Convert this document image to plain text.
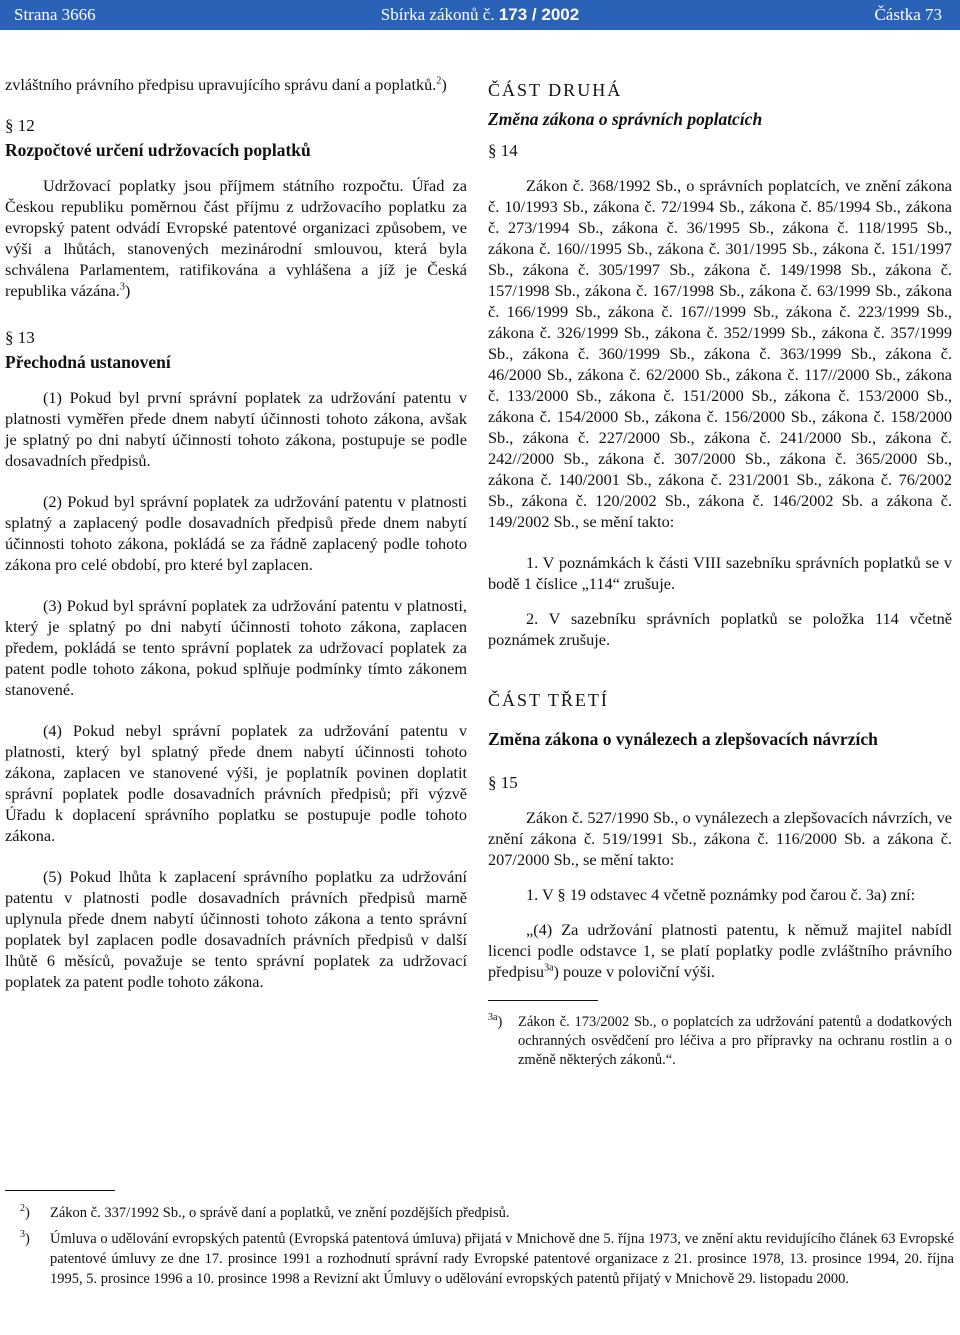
Strana 3666	Sbírka zákonů č. 173 / 2002	Částka 73

zvláštního právního předpisu upravujícího správu daní a poplatků.$^2$)

§ 12

Rozpočtové určení udržovacích poplatků

Udržovací poplatky jsou příjmem státního rozpočtu. Úřad za Českou republiku poměrnou část příjmu z udržovacího poplatku za evropský patent odvádí Evropské patentové organizaci způsobem, ve výši a lhůtách, stanovených mezinárodní smlouvou, která byla schválena Parlamentem, ratifikována a vyhlášena a jíž je Česká republika vázána.$^3$)

§ 13

Přechodná ustanovení

(1) Pokud byl první správní poplatek za udržování patentu v platnosti vyměřen přede dnem nabytí účinnosti tohoto zákona, avšak je splatný po dni nabytí účinnosti tohoto zákona, postupuje se podle dosavadních předpisů.

(2) Pokud byl správní poplatek za udržování patentu v platnosti splatný a zaplacený podle dosavadních předpisů přede dnem nabytí účinnosti tohoto zákona, pokládá se za řádně zaplacený podle tohoto zákona pro celé období, pro které byl zaplacen.

(3) Pokud byl správní poplatek za udržování patentu v platnosti, který je splatný po dni nabytí účinnosti tohoto zákona, zaplacen předem, pokládá se tento správní poplatek za udržovací poplatek za patent podle tohoto zákona, pokud splňuje podmínky tímto zákonem stanovené.

(4) Pokud nebyl správní poplatek za udržování patentu v platnosti, který byl splatný přede dnem nabytí účinnosti tohoto zákona, zaplacen ve stanovené výši, je poplatník povinen doplatit správní poplatek podle dosavadních právních předpisů; při výzvě Úřadu k doplacení správního poplatku se postupuje podle tohoto zákona.

(5) Pokud lhůta k zaplacení správního poplatku za udržování patentu v platnosti podle dosavadních právních předpisů marně uplynula přede dnem nabytí účinnosti tohoto zákona a tento správní poplatek byl zaplacen podle dosavadních právních předpisů v další lhůtě 6 měsíců, považuje se tento správní poplatek za udržovací poplatek za patent podle tohoto zákona.

ČÁST DRUHÁ

Změna zákona o správních poplatcích

§ 14

Zákon č. 368/1992 Sb., o správních poplatcích, ve znění zákona č. 10/1993 Sb., zákona č. 72/1994 Sb., zákona č. 85/1994 Sb., zákona č. 273/1994 Sb., zákona č. 36/1995 Sb., zákona č. 118/1995 Sb., zákona č. 160//1995 Sb., zákona č. 301/1995 Sb., zákona č. 151/1997 Sb., zákona č. 305/1997 Sb., zákona č. 149/1998 Sb., zákona č. 157/1998 Sb., zákona č. 167/1998 Sb., zákona č. 63/1999 Sb., zákona č. 166/1999 Sb., zákona č. 167//1999 Sb., zákona č. 223/1999 Sb., zákona č. 326/1999 Sb., zákona č. 352/1999 Sb., zákona č. 357/1999 Sb., zákona č. 360/1999 Sb., zákona č. 363/1999 Sb., zákona č. 46/2000 Sb., zákona č. 62/2000 Sb., zákona č. 117//2000 Sb., zákona č. 133/2000 Sb., zákona č. 151/2000 Sb., zákona č. 153/2000 Sb., zákona č. 154/2000 Sb., zákona č. 156/2000 Sb., zákona č. 158/2000 Sb., zákona č. 227/2000 Sb., zákona č. 241/2000 Sb., zákona č. 242//2000 Sb., zákona č. 307/2000 Sb., zákona č. 365/2000 Sb., zákona č. 140/2001 Sb., zákona č. 231/2001 Sb., zákona č. 76/2002 Sb., zákona č. 120/2002 Sb., zákona č. 146/2002 Sb. a zákona č. 149/2002 Sb., se mění takto:

1. V poznámkách k části VIII sazebníku správních poplatků se v bodě 1 číslice „114“ zrušuje.

2. V sazebníku správních poplatků se položka 114 včetně poznámek zrušuje.

ČÁST TŘETÍ

Změna zákona o vynálezech a zlepšovacích návrzích

§ 15

Zákon č. 527/1990 Sb., o vynálezech a zlepšovacích návrzích, ve znění zákona č. 519/1991 Sb., zákona č. 116/2000 Sb. a zákona č. 207/2000 Sb., se mění takto:

1. V § 19 odstavec 4 včetně poznámky pod čarou č. 3a) zní:

„(4) Za udržování platnosti patentu, k němuž majitel nabídl licenci podle odstavce 1, se platí poplatky podle zvláštního právního předpisu$^{3a}$) pouze v poloviční výši.

$^{3a}$) Zákon č. 173/2002 Sb., o poplatcích za udržování patentů a dodatkových ochranných osvědčení pro léčiva a pro přípravky na ochranu rostlin a o změně některých zákonů.“.

$^2$) Zákon č. 337/1992 Sb., o správě daní a poplatků, ve znění pozdějších předpisů.

$^3$) Úmluva o udělování evropských patentů (Evropská patentová úmluva) přijatá v Mnichově dne 5. října 1973, ve znění aktu revidujícího článek 63 Evropské patentové úmluvy ze dne 17. prosince 1991 a rozhodnutí správní rady Evropské patentové organizace z 21. prosince 1978, 13. prosince 1994, 20. října 1995, 5. prosince 1996 a 10. prosince 1998 a Revizní akt Úmluvy o udělování evropských patentů přijatý v Mnichově 29. listopadu 2000.
